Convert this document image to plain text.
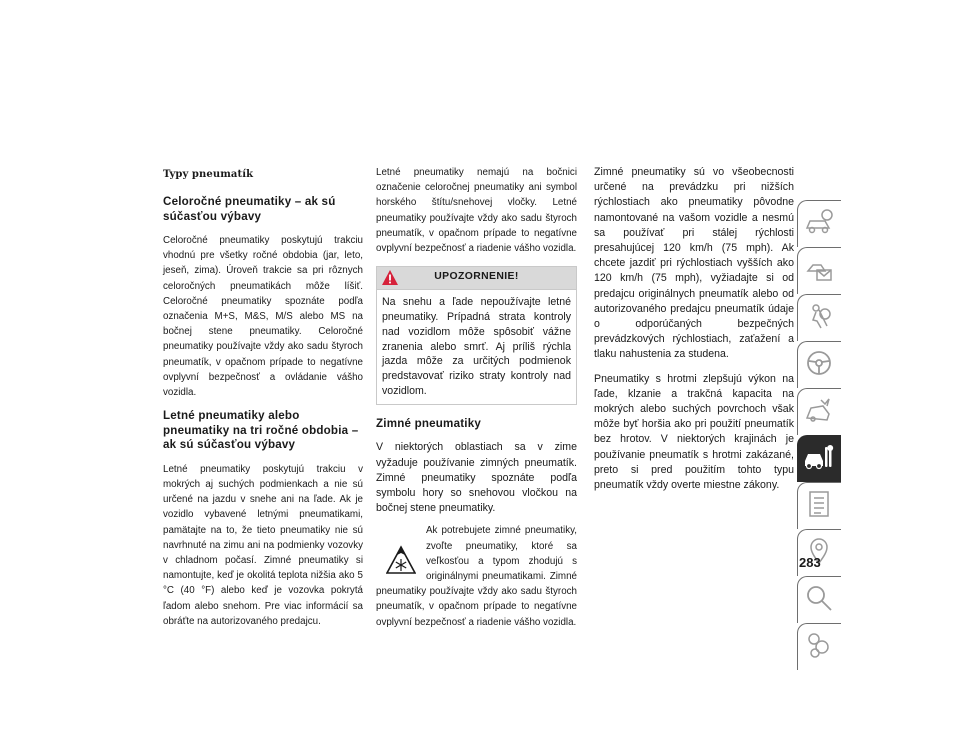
Typy pneumatík
Celoročné pneumatiky – ak sú súčasťou výbavy

Celoročné pneumatiky poskytujú trakciu vhodnú pre všetky ročné obdobia (jar, leto, jeseň, zima). Úroveň trakcie sa pri rôznych celoročných pneumatikách môže líšiť. Celoročné pneumatiky spoznáte podľa označenia M+S, M&S, M/S alebo MS na bočnej stene pneumatiky. Celoročné pneumatiky používajte vždy ako sadu štyroch pneumatík, v opačnom prípade to negatívne ovplyvní bezpečnosť a ovládanie vášho vozidla.

Letné pneumatiky alebo pneumatiky na tri ročné obdobia – ak sú súčasťou výbavy

Letné pneumatiky poskytujú trakciu v mokrých aj suchých podmienkach a nie sú určené na jazdu v snehe ani na ľade. Ak je vozidlo vybavené letnými pneumatikami, pamätajte na to, že tieto pneumatiky nie sú navrhnuté na zimu ani na podmienky vozovky v chladnom počasí. Zimné pneumatiky si namontujte, keď je okolitá teplota nižšia ako 5 °C (40 °F) alebo keď je vozovka pokrytá ľadom alebo snehom. Pre viac informácií sa obráťte na autorizovaného predajcu.

Letné pneumatiky nemajú na bočnici označenie celoročnej pneumatiky ani symbol horského štítu/snehovej vločky. Letné pneumatiky používajte vždy ako sadu štyroch pneumatík, v opačnom prípade to negatívne ovplyvní bezpečnosť a riadenie vášho vozidla.

UPOZORNENIE!

Na snehu a ľade nepoužívajte letné pneumatiky. Prípadná strata kontroly nad vozidlom môže spôsobiť vážne zranenia alebo smrť. Aj príliš rýchla jazda môže za určitých podmienok predstavovať riziko straty kontroly nad vozidlom.

Zimné pneumatiky

V niektorých oblastiach sa v zime vyžaduje používanie zimných pneumatík. Zimné pneumatiky spoznáte podľa symbolu hory so snehovou vločkou na bočnej stene pneumatiky.

Ak potrebujete zimné pneumatiky, zvoľte pneumatiky, ktoré sa veľkosťou a typom zhodujú s originálnymi pneumatikami. Zimné pneumatiky používajte vždy ako sadu štyroch pneumatík, v opačnom prípade to negatívne ovplyvní bezpečnosť a riadenie vášho vozidla.

Zimné pneumatiky sú vo všeobecnosti určené na prevádzku pri nižších rýchlostiach ako pneumatiky pôvodne namontované na vašom vozidle a nesmú sa používať pri stálej rýchlosti presahujúcej 120 km/h (75 mph). Ak chcete jazdiť pri rýchlostiach vyšších ako 120 km/h (75 mph), vyžiadajte si od predajcu originálnych pneumatík alebo od autorizovaného predajcu pneumatík údaje o odporúčaných bezpečných prevádzkových rýchlostiach, zaťažení a tlaku nahustenia za studena.

Pneumatiky s hrotmi zlepšujú výkon na ľade, klzanie a trakčná kapacita na mokrých alebo suchých povrchoch však môže byť horšia ako pri použití pneumatík bez hrotov. V niektorých krajinách je používanie pneumatík s hrotmi zakázané, preto si pred použitím tohto typu pneumatík vždy overte miestne zákony.

283
